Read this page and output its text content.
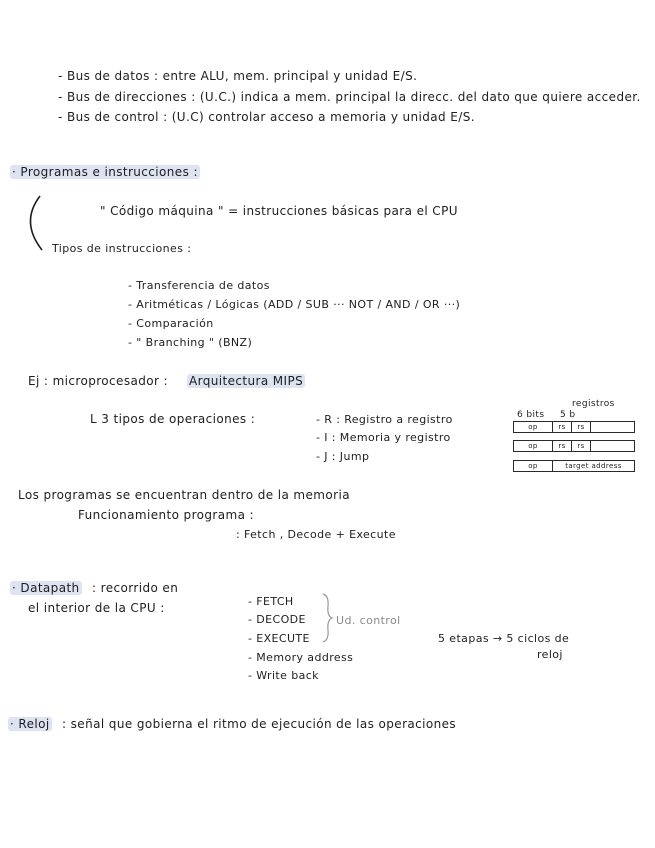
- Bus de datos : entre ALU, mem. principal y unidad E/S.
- Bus de direcciones : (U.C.) indica a mem. principal la direcc. del dato que quiere acceder.
- Bus de control : (U.C) controlar acceso a memoria y unidad E/S.
· Programas e instrucciones :
" Código máquina " = instrucciones básicas para el CPU
Tipos de instrucciones :
- Transferencia de datos
- Aritméticas / Lógicas (ADD / SUB ··· NOT / AND / OR ···)
- Comparación
- " Branching " (BNZ)
Ej : microprocesador : Arquitectura MIPS
L 3 tipos de operaciones :	- R : Registro a registro
- I : Memoria y registro
- J : Jump
registros
6 bits 5 b
op	rs	rs
op	rs	rs
op	target address
Los programas se encuentran dentro de la memoria
Funcionamiento programa :
: Fetch , Decode + Execute
· Datapath : recorrido en
el interior de la CPU :	- FETCH
- DECODE
- EXECUTE
- Memory address
- Write back
Ud. control
5 etapas → 5 ciclos de
reloj
· Reloj : señal que gobierna el ritmo de ejecución de las operaciones
